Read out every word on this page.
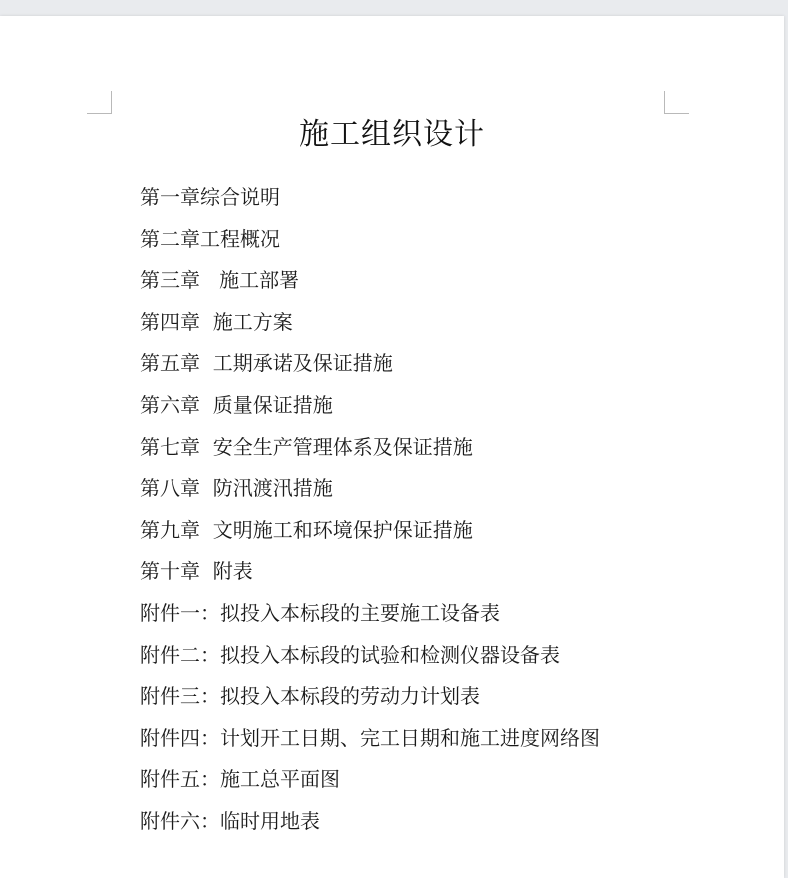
施工组织设计
第一章综合说明
第二章工程概况
第三章   施工部署
第四章  施工方案
第五章  工期承诺及保证措施
第六章  质量保证措施
第七章  安全生产管理体系及保证措施
第八章  防汛渡汛措施
第九章  文明施工和环境保护保证措施
第十章  附表
附件一：拟投入本标段的主要施工设备表
附件二：拟投入本标段的试验和检测仪器设备表
附件三：拟投入本标段的劳动力计划表
附件四：计划开工日期、完工日期和施工进度网络图
附件五：施工总平面图
附件六：临时用地表
